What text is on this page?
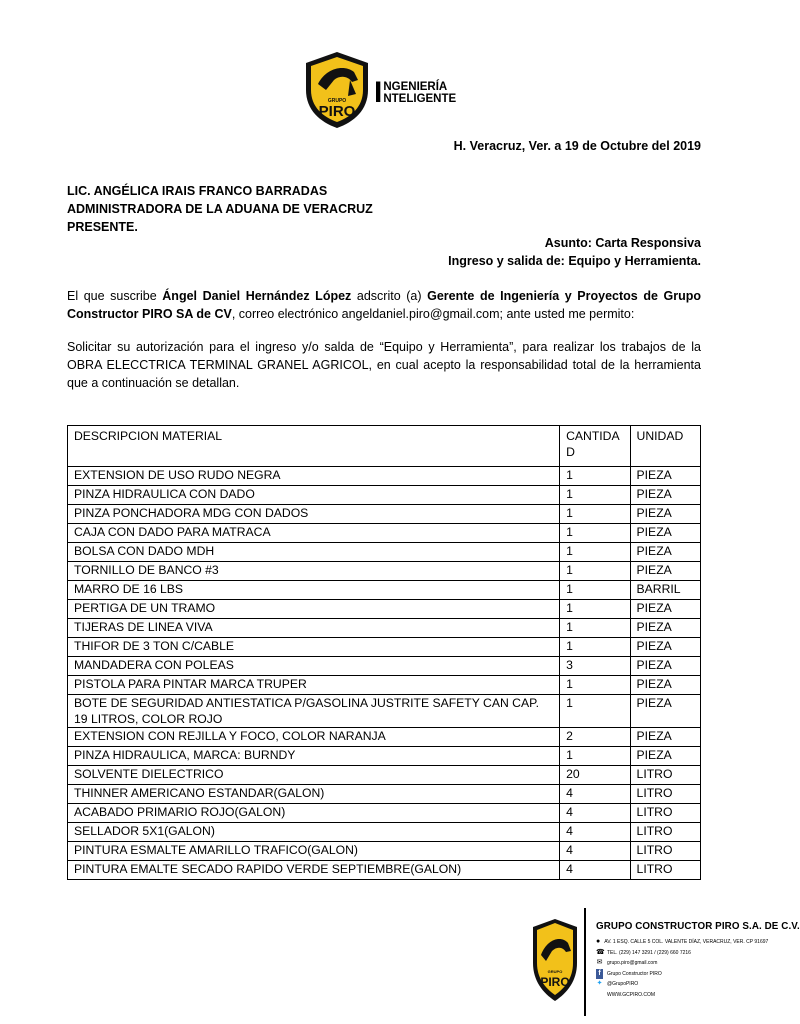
GRUPO
PIRO
I NGENIERÍA
NTELIGENTE
H. Veracruz, Ver. a 19 de Octubre del 2019
LIC. ANGÉLICA IRAIS FRANCO BARRADAS
ADMINISTRADORA DE LA ADUANA DE VERACRUZ
PRESENTE.
Asunto: Carta Responsiva
Ingreso y salida de: Equipo y Herramienta.
El que suscribe Ángel Daniel Hernández López adscrito (a) Gerente de Ingeniería y Proyectos de Grupo Constructor PIRO SA de CV, correo electrónico angeldaniel.piro@gmail.com; ante usted me permito:
Solicitar su autorización para el ingreso y/o salda de “Equipo y Herramienta”, para realizar los trabajos de la OBRA ELECCTRICA TERMINAL GRANEL AGRICOL, en cual acepto la responsabilidad total de la herramienta que a continuación se detallan.
DESCRIPCION MATERIAL	CANTIDAD	UNIDAD
EXTENSION DE USO RUDO NEGRA	1	PIEZA
PINZA HIDRAULICA CON DADO	1	PIEZA
PINZA PONCHADORA MDG CON DADOS	1	PIEZA
CAJA CON DADO PARA MATRACA	1	PIEZA
BOLSA CON DADO MDH	1	PIEZA
TORNILLO DE BANCO #3	1	PIEZA
MARRO DE 16 LBS	1	BARRIL
PERTIGA DE UN TRAMO	1	PIEZA
TIJERAS DE LINEA VIVA	1	PIEZA
THIFOR DE 3 TON C/CABLE	1	PIEZA
MANDADERA CON POLEAS	3	PIEZA
PISTOLA PARA PINTAR MARCA TRUPER	1	PIEZA
BOTE DE SEGURIDAD ANTIESTATICA P/GASOLINA JUSTRITE SAFETY CAN CAP. 19 LITROS, COLOR ROJO	1	PIEZA
EXTENSION CON REJILLA Y FOCO, COLOR NARANJA	2	PIEZA
PINZA HIDRAULICA, MARCA: BURNDY	1	PIEZA
SOLVENTE DIELECTRICO	20	LITRO
THINNER AMERICANO ESTANDAR(GALON)	4	LITRO
ACABADO PRIMARIO ROJO(GALON)	4	LITRO
SELLADOR 5X1(GALON)	4	LITRO
PINTURA ESMALTE AMARILLO TRAFICO(GALON)	4	LITRO
PINTURA EMALTE SECADO RAPIDO VERDE SEPTIEMBRE(GALON)	4	LITRO
GRUPO
PIRO
GRUPO CONSTRUCTOR PIRO S.A. DE C.V.
● AV. 1 ESQ. CALLE 5 COL. VALENTE DÍAZ, VERACRUZ, VER. CP 91697
☎ TEL. (229) 147 3291 / (229) 660 7216
✉ grupo.piro@gmail.com
f	Grupo Constructor PIRO
✦ @GrupoPIRO
WWW.GCPIRO.COM
